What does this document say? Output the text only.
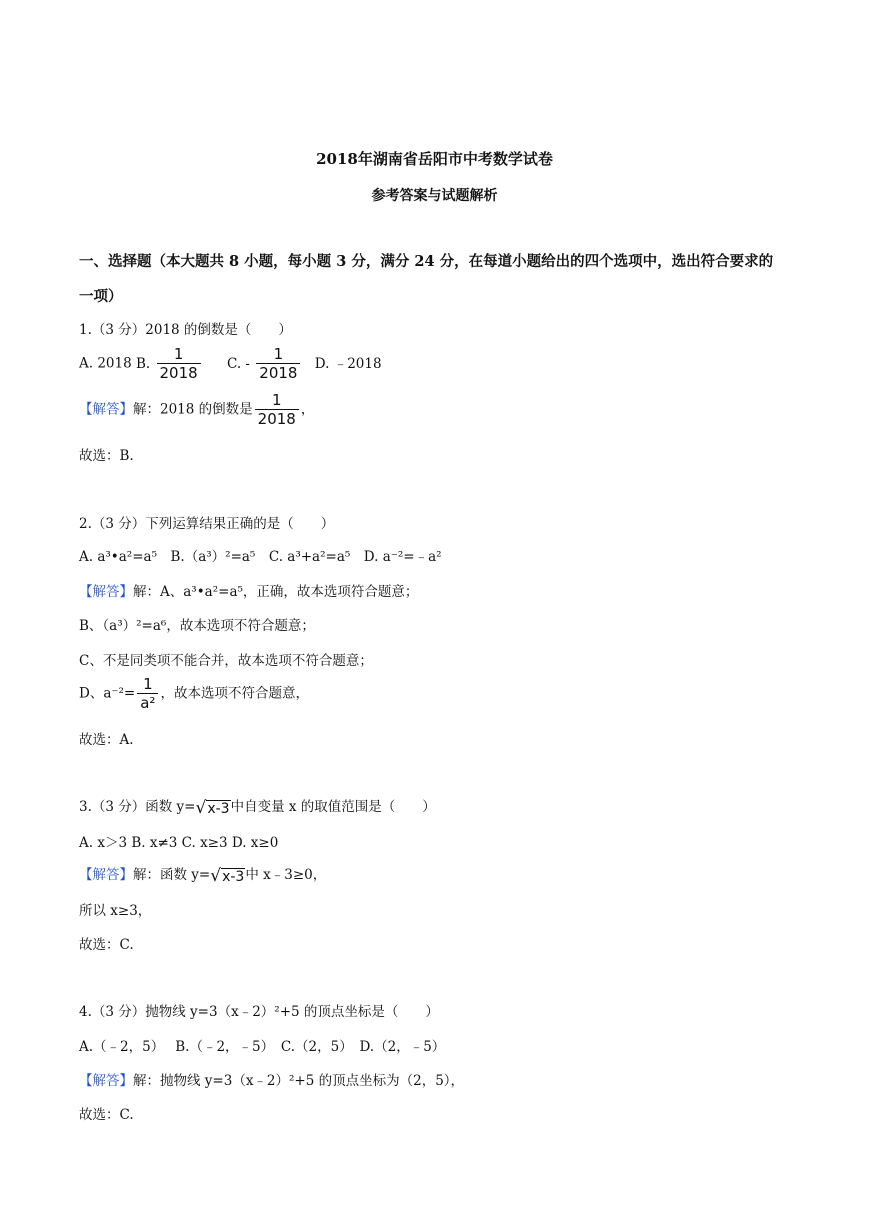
2018年湖南省岳阳市中考数学试卷
参考答案与试题解析
一、选择题（本大题共 8 小题，每小题 3 分，满分 24 分，在每道小题给出的四个选项中，选出符合要求的
一项）
1.（3 分）2018 的倒数是（　　）
A. 2018 B. $\frac{1}{2018} C$. - $\frac{1}{2018} D$. ﹣2018
【解答】解：2018 的倒数是 $\frac{1}{2018}$ ，
故选：B.
2.（3 分）下列运算结果正确的是（　　）
A. a³•a²=a⁵　B.（a³）²=a⁵　C. a³+a²=a⁵　D. a⁻²=﹣a²
【解答】解：A、a³•a²=a⁵，正确，故本选项符合题意；
B、（a³）²=a⁶，故本选项不符合题意；
C、不是同类项不能合并，故本选项不符合题意；
D、$a^{-2}= \frac{1}{\text{a²}}$ ，故本选项不符合题意，
故选：A.
3.（3 分）函数 y=√x-3中自变量 x 的取值范围是（　　）
A. x＞3 B. x≠3 C. x≥3 D. x≥0
【解答】解：函数 y=√x-3中 x﹣3≥0，
所以 x≥3，
故选：C.
4.（3 分）抛物线 y=3（x﹣2）²+5 的顶点坐标是（　　）
A.（﹣2，5）　 B.（﹣2，﹣5）　C.（2，5）　D.（2，﹣5）
【解答】解：抛物线 y=3（x﹣2）²+5 的顶点坐标为（2，5），
故选：C.
